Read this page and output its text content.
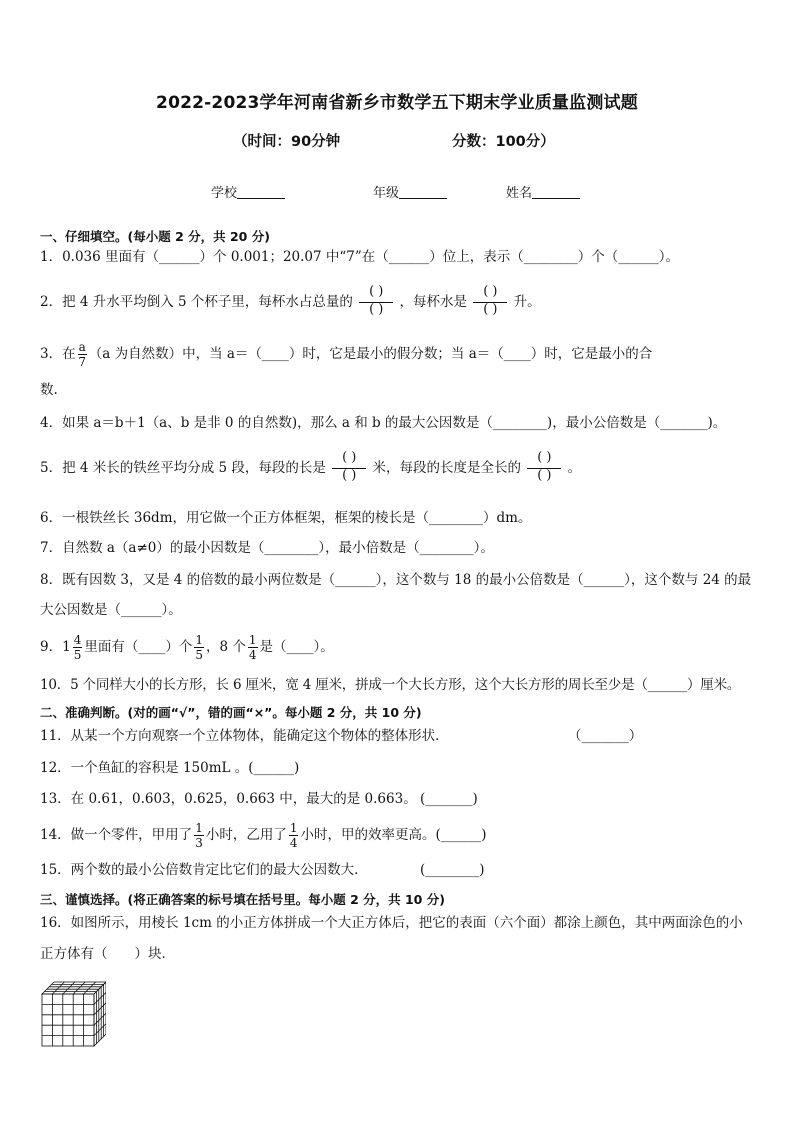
2022-2023学年河南省新乡市数学五下期末学业质量监测试题
（时间：90分钟	分数：100分）
学校	年级	姓名
一、仔细填空。(每小题 2 分，共 20 分)
1．0.036 里面有（______）个 0.001；20.07 中“7”在（______）位上，表示（________）个（______）。
2．把 4 升水平均倒入 5 个杯子里，每杯水占总量的
( )
( ) ，每杯水是
( )
( ) 升。
3．在 $\frac{a}{7} (a$ 为自然数）中，当 a＝（____）时，它是最小的假分数；当 a＝（____）时，它是最小的合
数.
4．如果 a＝b＋1（a、b 是非 0 的自然数)，那么 a 和 b 的最大公因数是（________)，最小公倍数是（_______)。
5．把 4 米长的铁丝平均分成 5 段，每段的长是
( )
( ) 米，每段的长度是全长的
( )
( ) 。
6．一根铁丝长 36dm，用它做一个正方体框架，框架的棱长是（________）dm。
7．自然数 a（a≠0）的最小因数是（________），最小倍数是（________）。
8．既有因数 3，又是 4 的倍数的最小两位数是（______），这个数与 18 的最小公倍数是（______），这个数与 24 的最
大公因数是（______）。
9．$1 \frac{4}{5}$ 里面有（____）个 $\frac{1}{5}$ ，8 个 $\frac{1}{4}$ 是（____）。
10．5 个同样大小的长方形，长 6 厘米，宽 4 厘米，拼成一个大长方形，这个大长方形的周长至少是（______）厘米。
二、准确判断。(对的画“√”，错的画“×”。每小题 2 分，共 10 分)
11．从某一个方向观察一个立体物体，能确定这个物体的整体形状．	（_______）
12．一个鱼缸的容积是 150mL 。(______)
13．在 0.61，0.603，0.625，0.663 中，最大的是 0.663。 (_______)
14．做一个零件，甲用了 $\frac{1}{3}$ 小时，乙用了 $\frac{1}{4}$ 小时，甲的效率更高。(______)
15．两个数的最小公倍数肯定比它们的最大公因数大．	(________)
三、谨慎选择。(将正确答案的标号填在括号里。每小题 2 分，共 10 分)
16．如图所示，用棱长 1cm 的小正方体拼成一个大正方体后，把它的表面（六个面）都涂上颜色，其中两面涂色的小
正方体有（　　）块．
